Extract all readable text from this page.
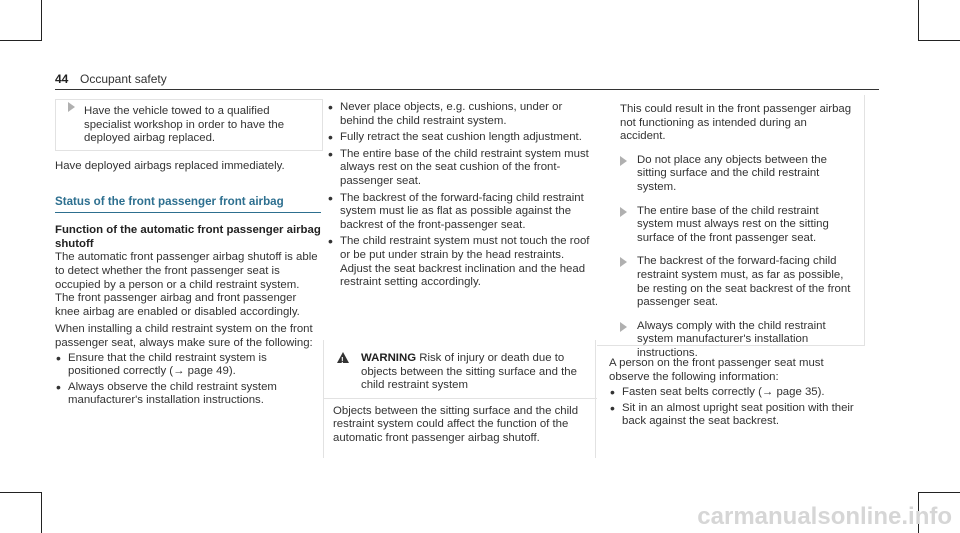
44 Occupant safety
Have the vehicle towed to a qualified specialist workshop in order to have the deployed airbag replaced.

Have deployed airbags replaced immediately.

Status of the front passenger front airbag
Function of the automatic front passenger airbag shutoff

The automatic front passenger airbag shutoff is able to detect whether the front passenger seat is occupied by a person or a child restraint system. The front passenger airbag and front passenger knee airbag are enabled or disabled accordingly.

When installing a child restraint system on the front passenger seat, always make sure of the following:

• Ensure that the child restraint system is positioned correctly (→ page 49).
• Always observe the child restraint system manufacturer's installation instructions.
• Never place objects, e.g. cushions, under or behind the child restraint system.
• Fully retract the seat cushion length adjustment.
• The entire base of the child restraint system must always rest on the seat cushion of the front-passenger seat.
• The backrest of the forward-facing child restraint system must lie as flat as possible against the backrest of the front-passenger seat.
• The child restraint system must not touch the roof or be put under strain by the head restraints. Adjust the seat backrest inclination and the head restraint setting accordingly.
! WARNING Risk of injury or death due to objects between the sitting surface and the child restraint system

Objects between the sitting surface and the child restraint system could affect the function of the automatic front passenger airbag shutoff.

This could result in the front passenger airbag not functioning as intended during an accident.

Do not place any objects between the sitting surface and the child restraint system.
The entire base of the child restraint system must always rest on the sitting surface of the front passenger seat.
The backrest of the forward-facing child restraint system must, as far as possible, be resting on the seat backrest of the front passenger seat.
Always comply with the child restraint system manufacturer's installation instructions.

A person on the front passenger seat must observe the following information:

• Fasten seat belts correctly (→ page 35).
• Sit in an almost upright seat position with their back against the seat backrest.
carmanualsonline.info
